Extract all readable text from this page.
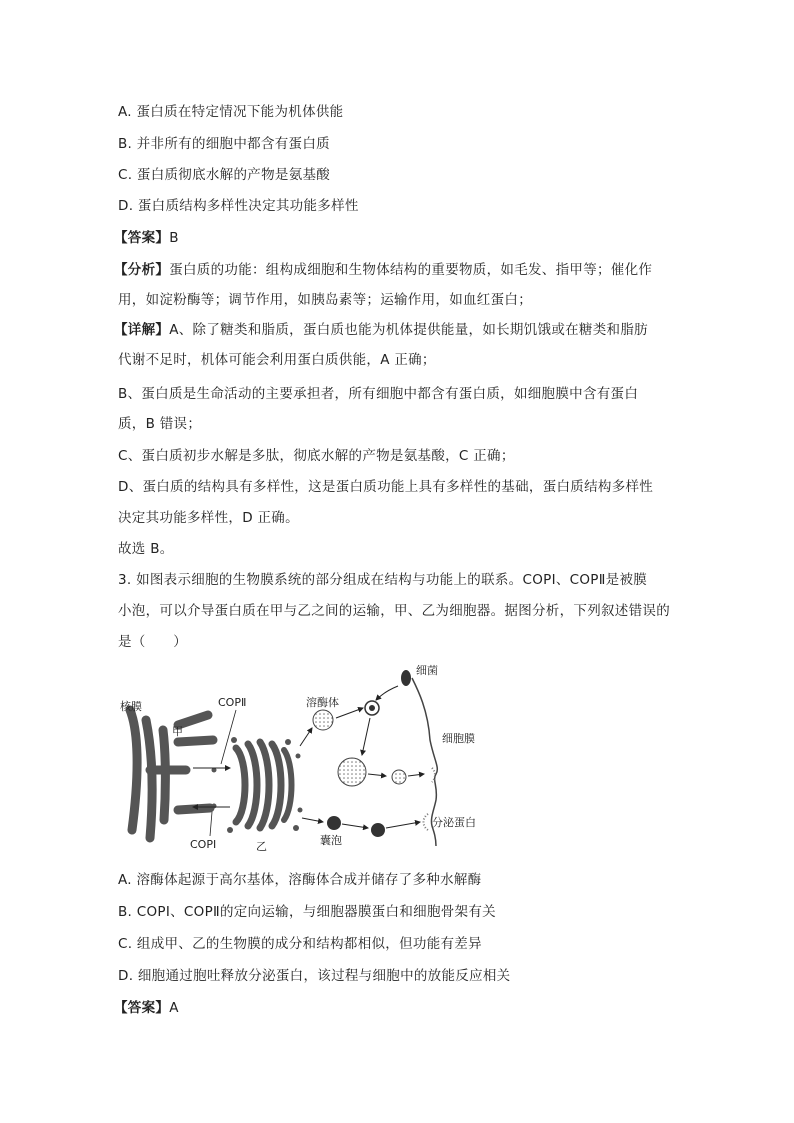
A. 蛋白质在特定情况下能为机体供能
B. 并非所有的细胞中都含有蛋白质
C. 蛋白质彻底水解的产物是氨基酸
D. 蛋白质结构多样性决定其功能多样性
【答案】B
【分析】蛋白质的功能：组构成细胞和生物体结构的重要物质，如毛发、指甲等；催化作
用，如淀粉酶等；调节作用，如胰岛素等；运输作用，如血红蛋白；
【详解】A、除了糖类和脂质，蛋白质也能为机体提供能量，如长期饥饿或在糖类和脂肪
代谢不足时，机体可能会利用蛋白质供能，A 正确；
B、蛋白质是生命活动的主要承担者，所有细胞中都含有蛋白质，如细胞膜中含有蛋白
质，B 错误；
C、蛋白质初步水解是多肽，彻底水解的产物是氨基酸，C 正确；
D、蛋白质的结构具有多样性，这是蛋白质功能上具有多样性的基础，蛋白质结构多样性
决定其功能多样性，D 正确。
故选 B。
3. 如图表示细胞的生物膜系统的部分组成在结构与功能上的联系。COPⅠ、COPⅡ是被膜
小泡，可以介导蛋白质在甲与乙之间的运输，甲、乙为细胞器。据图分析，下列叙述错误的
是（　　）
核膜
甲
COPⅡ
COPⅠ	乙
溶酶体
细菌
细胞膜
囊泡
分泌蛋白
A. 溶酶体起源于高尔基体，溶酶体合成并储存了多种水解酶
B. COPⅠ、COPⅡ的定向运输，与细胞器膜蛋白和细胞骨架有关
C. 组成甲、乙的生物膜的成分和结构都相似，但功能有差异
D. 细胞通过胞吐释放分泌蛋白，该过程与细胞中的放能反应相关
【答案】A
